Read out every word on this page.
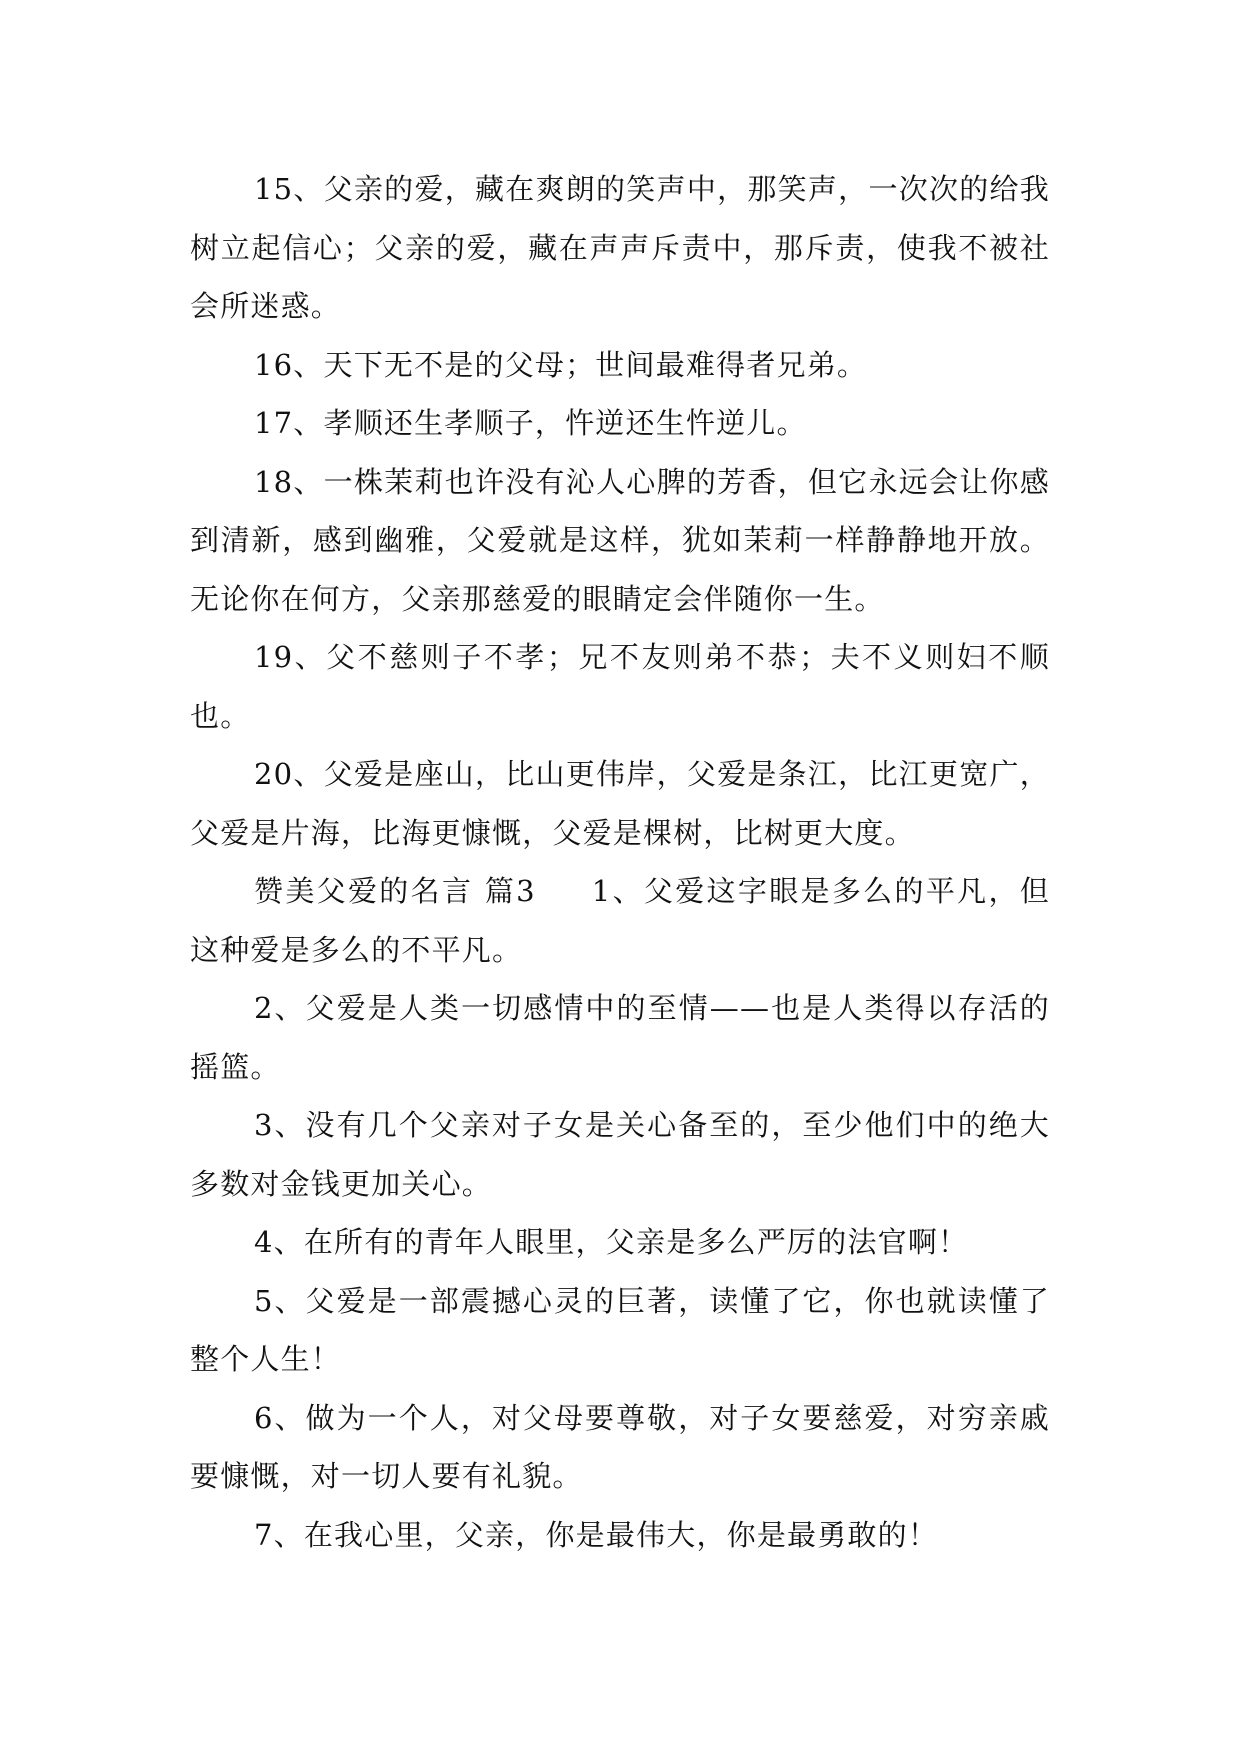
15、父亲的爱，藏在爽朗的笑声中，那笑声，一次次的给我树立起信心；父亲的爱，藏在声声斥责中，那斥责，使我不被社会所迷惑。

16、天下无不是的父母；世间最难得者兄弟。

17、孝顺还生孝顺子，忤逆还生忤逆儿。

18、一株茉莉也许没有沁人心脾的芳香，但它永远会让你感到清新，感到幽雅，父爱就是这样，犹如茉莉一样静静地开放。无论你在何方，父亲那慈爱的眼睛定会伴随你一生。

19、父不慈则子不孝；兄不友则弟不恭；夫不义则妇不顺也。

20、父爱是座山，比山更伟岸，父爱是条江，比江更宽广，父爱是片海，比海更慷慨，父爱是棵树，比树更大度。

赞美父爱的名言 篇3 1、父爱这字眼是多么的平凡，但这种爱是多么的不平凡。

2、父爱是人类一切感情中的至情——也是人类得以存活的摇篮。

3、没有几个父亲对子女是关心备至的，至少他们中的绝大多数对金钱更加关心。

4、在所有的青年人眼里，父亲是多么严厉的法官啊！

5、父爱是一部震撼心灵的巨著，读懂了它，你也就读懂了整个人生！

6、做为一个人，对父母要尊敬，对子女要慈爱，对穷亲戚要慷慨，对一切人要有礼貌。

7、在我心里，父亲，你是最伟大，你是最勇敢的！
